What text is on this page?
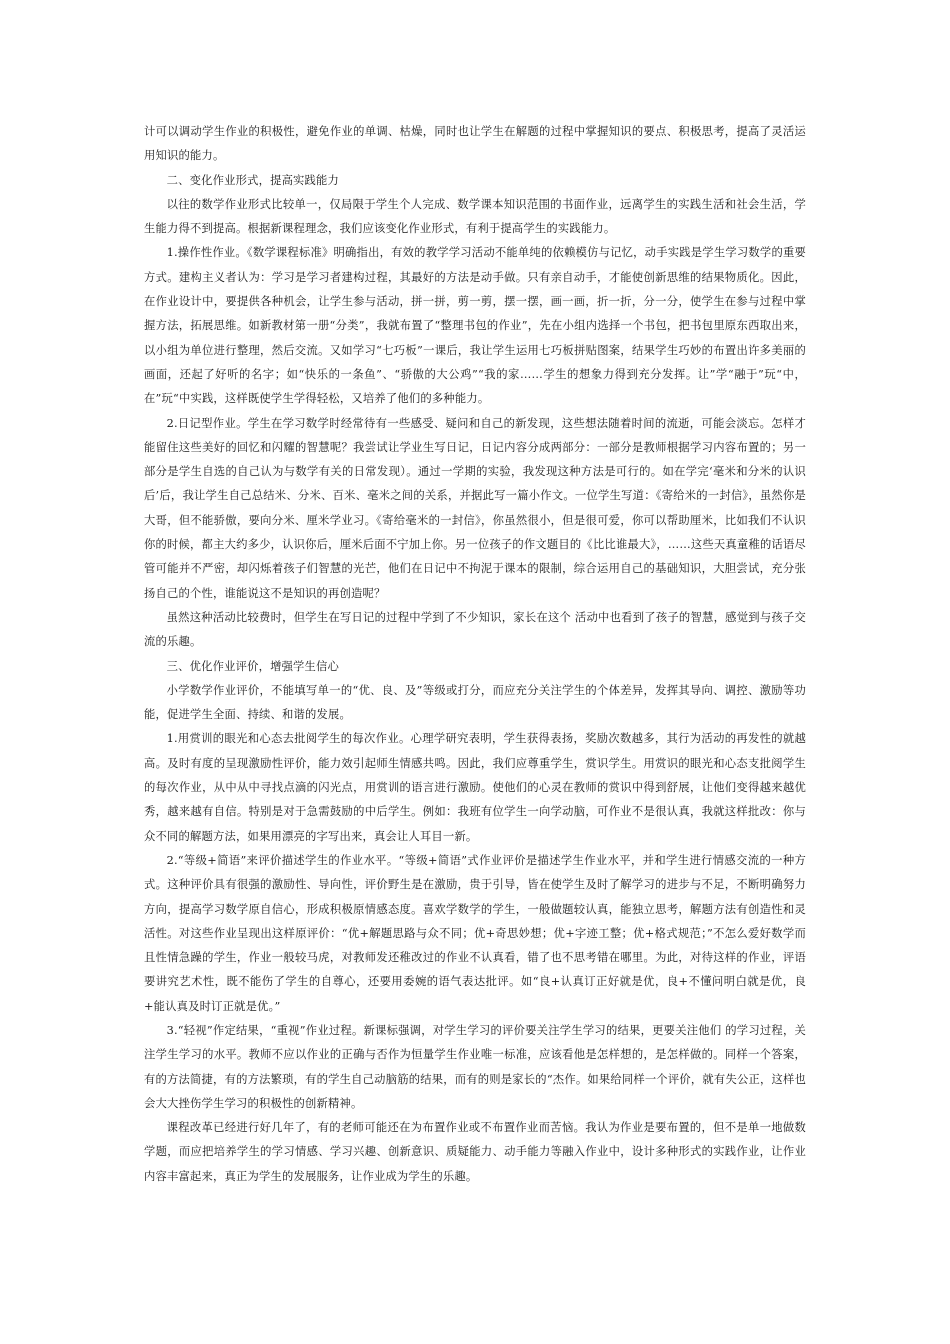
计可以调动学生作业的积极性，避免作业的单调、枯燥，同时也让学生在解题的过程中掌握知识的要点、积极思考，提高了灵活运用知识的能力。

二、变化作业形式，提高实践能力

以往的数学作业形式比较单一，仅局限于学生个人完成、数学课本知识范围的书面作业，远离学生的实践生活和社会生活，学生能力得不到提高。根据新课程理念，我们应该变化作业形式，有利于提高学生的实践能力。

1.操作性作业。《数学课程标准》明确指出，有效的教学学习活动不能单纯的依赖模仿与记忆，动手实践是学生学习数学的重要方式。建构主义者认为：学习是学习者建构过程，其最好的方法是动手做。只有亲自动手，才能使创新思维的结果物质化。因此，在作业设计中，要提供各种机会，让学生参与活动，拼一拼，剪一剪，摆一摆，画一画，折一折，分一分，使学生在参与过程中掌握方法，拓展思维。如新教材第一册“分类”，我就布置了“整理书包的作业”，先在小组内选择一个书包，把书包里原东西取出来，以小组为单位进行整理，然后交流。又如学习“七巧板”一课后，我让学生运用七巧板拼贴图案，结果学生巧妙的布置出许多美丽的画面，还起了好听的名字；如“快乐的一条鱼”、“骄傲的大公鸡”“我的家……学生的想象力得到充分发挥。让”学“融于”玩“中，在”玩“中实践，这样既使学生学得轻松，又培养了他们的多种能力。

2.日记型作业。学生在学习数学时经常待有一些感受、疑问和自己的新发现，这些想法随着时间的流逝，可能会淡忘。怎样才能留住这些美好的回忆和闪耀的智慧呢？我尝试让学业生写日记，日记内容分成两部分：一部分是教师根据学习内容布置的；另一部分是学生自选的自己认为与数学有关的日常发现）。通过一学期的实验，我发现这种方法是可行的。如在学完‘毫米和分米的认识后’后，我让学生自己总结米、分米、百米、毫米之间的关系，并据此写一篇小作文。一位学生写道：《寄给米的一封信》，虽然你是大哥，但不能骄傲，要向分米、厘米学业习。《寄给毫米的一封信》，你虽然很小，但是很可爱，你可以帮助厘米，比如我们不认识你的时候，都主大约多少，认识你后，厘米后面不宁加上你。另一位孩子的作文题目的《比比谁最大》，……这些天真童稚的话语尽管可能并不严密，却闪烁着孩子们智慧的光芒，他们在日记中不拘泥于课本的限制，综合运用自己的基础知识，大胆尝试，充分张扬自己的个性，谁能说这不是知识的再创造呢？

虽然这种活动比较费时，但学生在写日记的过程中学到了不少知识，家长在这个 活动中也看到了孩子的智慧，感觉到与孩子交流的乐趣。

三、优化作业评价，增强学生信心

小学数学作业评价，不能填写单一的“优、良、及”等级或打分，而应充分关注学生的个体差异，发挥其导向、调控、激励等功能，促进学生全面、持续、和谐的发展。

1.用赏训的眼光和心态去批阅学生的每次作业。心理学研究表明，学生获得表扬，奖励次数越多，其行为活动的再发性的就越高。及时有度的呈现激励性评价，能力效引起师生情感共鸣。因此，我们应尊重学生，赏识学生。用赏识的眼光和心态支批阅学生的每次作业，从中从中寻找点滴的闪光点，用赏训的语言进行激励。使他们的心灵在教师的赏识中得到舒展，让他们变得越来越优秀，越来越有自信。特别是对于急需鼓励的中后学生。例如：我班有位学生一向学动脑，可作业不是很认真，我就这样批改：你与众不同的解题方法，如果用漂亮的字写出来，真会让人耳目一新。

2.“等级+简语”来评价描述学生的作业水平。“等级+简语”式作业评价是描述学生作业水平，并和学生进行情感交流的一种方式。这种评价具有很强的激励性、导向性，评价野生是在激励，贵于引导，皆在使学生及时了解学习的进步与不足，不断明确努力方向，提高学习数学原自信心，形成积极原情感态度。喜欢学数学的学生，一般做题较认真，能独立思考，解题方法有创造性和灵活性。对这些作业呈现出这样原评价：“优+解题思路与众不同；优+奇思妙想；优+字迹工整；优+格式规范；”不怎么爱好数学而且性情急躁的学生，作业一般较马虎，对教师发还稚改过的作业不认真看，错了也不思考错在哪里。为此，对待这样的作业，评语要讲究艺术性，既不能伤了学生的自尊心，还要用委婉的语气表达批评。如“良+认真订正好就是优，良+不懂问明白就是优，良+能认真及时订正就是优。”

3.“轻视”作定结果，“重视”作业过程。新课标强调，对学生学习的评价要关注学生学习的结果，更要关注他们 的学习过程，关注学生学习的水平。教师不应以作业的正确与否作为恒量学生作业唯一标准，应该看他是怎样想的，是怎样做的。同样一个答案，有的方法简捷，有的方法繁琐，有的学生自己动脑筋的结果，而有的则是家长的“杰作。如果给同样一个评价，就有失公正，这样也会大大挫伤学生学习的积极性的创新精神。

课程改革已经进行好几年了，有的老师可能还在为布置作业或不布置作业而苦恼。我认为作业是要布置的，但不是单一地做数学题，而应把培养学生的学习情感、学习兴趣、创新意识、质疑能力、动手能力等融入作业中，设计多种形式的实践作业，让作业内容丰富起来，真正为学生的发展服务，让作业成为学生的乐趣。
